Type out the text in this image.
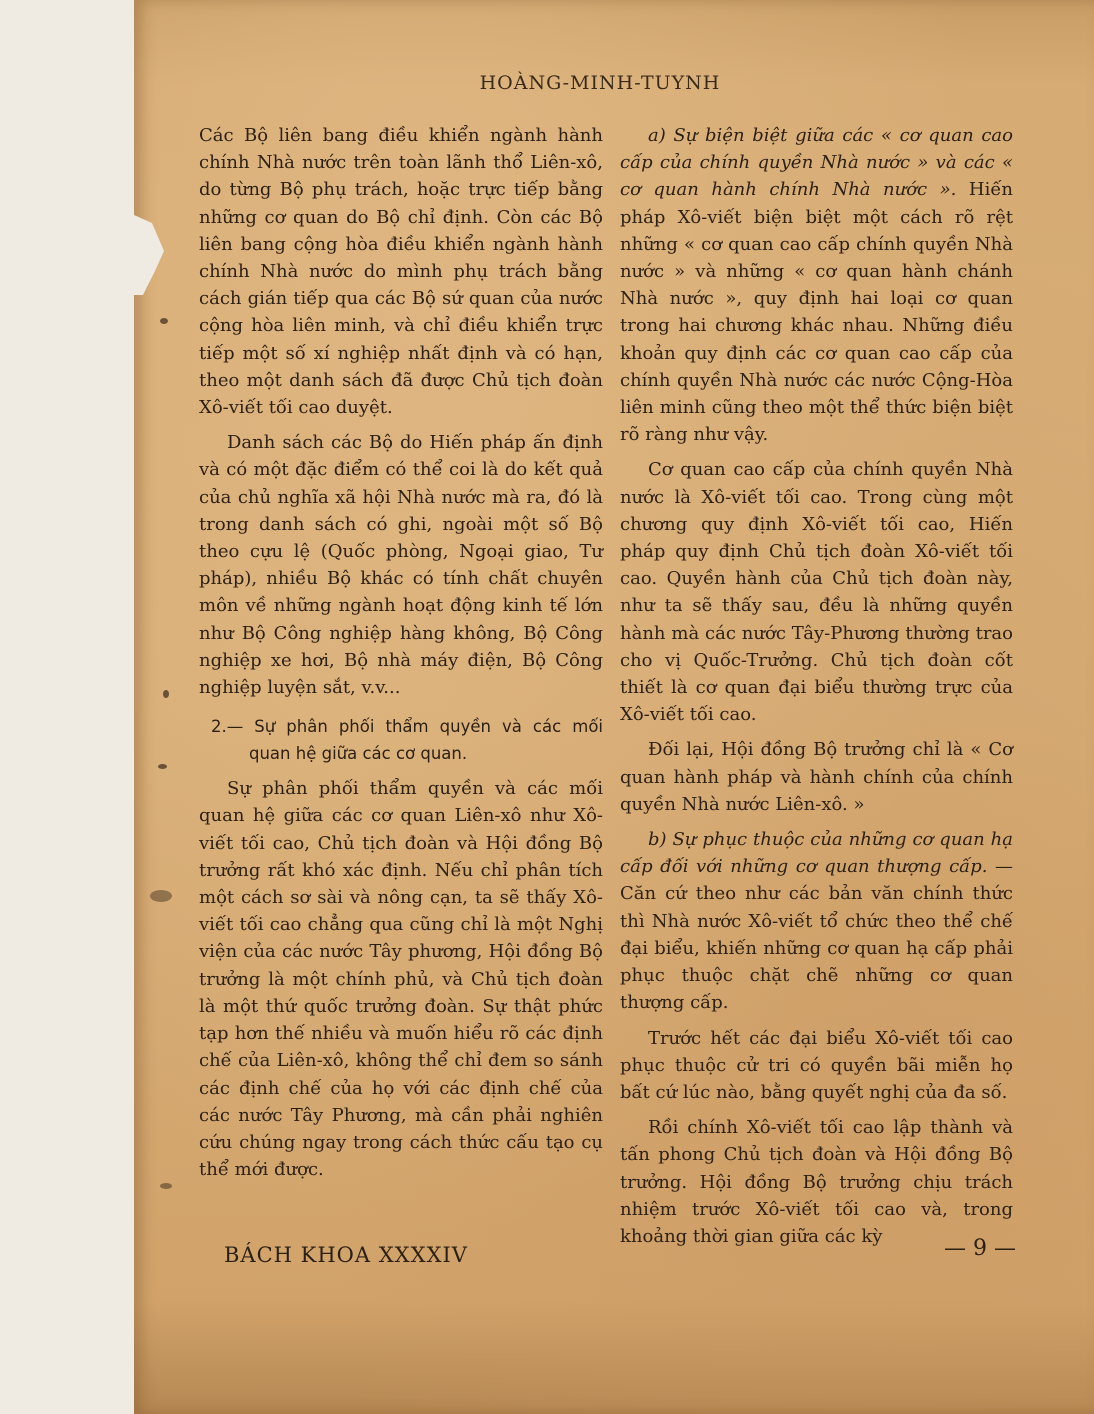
HOÀNG-MINH-TUYNH

Các Bộ liên bang điều khiển ngành hành chính Nhà nước trên toàn lãnh thổ Liên-xô, do từng Bộ phụ trách, hoặc trực tiếp bằng những cơ quan do Bộ chỉ định. Còn các Bộ liên bang cộng hòa điều khiển ngành hành chính Nhà nước do mình phụ trách bằng cách gián tiếp qua các Bộ sứ quan của nước cộng hòa liên minh, và chỉ điều khiển trực tiếp một số xí nghiệp nhất định và có hạn, theo một danh sách đã được Chủ tịch đoàn Xô-viết tối cao duyệt.

Danh sách các Bộ do Hiến pháp ấn định và có một đặc điểm có thể coi là do kết quả của chủ nghĩa xã hội Nhà nước mà ra, đó là trong danh sách có ghi, ngoài một số Bộ theo cựu lệ (Quốc phòng, Ngoại giao, Tư pháp), nhiều Bộ khác có tính chất chuyên môn về những ngành hoạt động kinh tế lớn như Bộ Công nghiệp hàng không, Bộ Công nghiệp xe hơi, Bộ nhà máy điện, Bộ Công nghiệp luyện sắt, v.v...

2.— Sự phân phối thẩm quyền và các mối quan hệ giữa các cơ quan.

Sự phân phối thẩm quyền và các mối quan hệ giữa các cơ quan Liên-xô như Xô-viết tối cao, Chủ tịch đoàn và Hội đồng Bộ trưởng rất khó xác định. Nếu chỉ phân tích một cách sơ sài và nông cạn, ta sẽ thấy Xô-viết tối cao chẳng qua cũng chỉ là một Nghị viện của các nước Tây phương, Hội đồng Bộ trưởng là một chính phủ, và Chủ tịch đoàn là một thứ quốc trưởng đoàn. Sự thật phức tạp hơn thế nhiều và muốn hiểu rõ các định chế của Liên-xô, không thể chỉ đem so sánh các định chế của họ với các định chế của các nước Tây Phương, mà cần phải nghiên cứu chúng ngay trong cách thức cấu tạo cụ thể mới được.

a) Sự biện biệt giữa các « cơ quan cao cấp của chính quyền Nhà nước » và các « cơ quan hành chính Nhà nước ». Hiến pháp Xô-viết biện biệt một cách rõ rệt những « cơ quan cao cấp chính quyền Nhà nước » và những « cơ quan hành chánh Nhà nước », quy định hai loại cơ quan trong hai chương khác nhau. Những điều khoản quy định các cơ quan cao cấp của chính quyền Nhà nước các nước Cộng-Hòa liên minh cũng theo một thể thức biện biệt rõ ràng như vậy.

Cơ quan cao cấp của chính quyền Nhà nước là Xô-viết tối cao. Trong cùng một chương quy định Xô-viết tối cao, Hiến pháp quy định Chủ tịch đoàn Xô-viết tối cao. Quyền hành của Chủ tịch đoàn này, như ta sẽ thấy sau, đều là những quyền hành mà các nước Tây-Phương thường trao cho vị Quốc-Trưởng. Chủ tịch đoàn cốt thiết là cơ quan đại biểu thường trực của Xô-viết tối cao.

Đối lại, Hội đồng Bộ trưởng chỉ là « Cơ quan hành pháp và hành chính của chính quyền Nhà nước Liên-xô. »

b) Sự phục thuộc của những cơ quan hạ cấp đối với những cơ quan thượng cấp. — Căn cứ theo như các bản văn chính thức thì Nhà nước Xô-viết tổ chức theo thể chế đại biểu, khiến những cơ quan hạ cấp phải phục thuộc chặt chẽ những cơ quan thượng cấp.

Trước hết các đại biểu Xô-viết tối cao phục thuộc cử tri có quyền bãi miễn họ bất cứ lúc nào, bằng quyết nghị của đa số.

Rồi chính Xô-viết tối cao lập thành và tấn phong Chủ tịch đoàn và Hội đồng Bộ trưởng. Hội đồng Bộ trưởng chịu trách nhiệm trước Xô-viết tối cao và, trong khoảng thời gian giữa các kỳ

BÁCH KHOA XXXXIV	— 9 —
